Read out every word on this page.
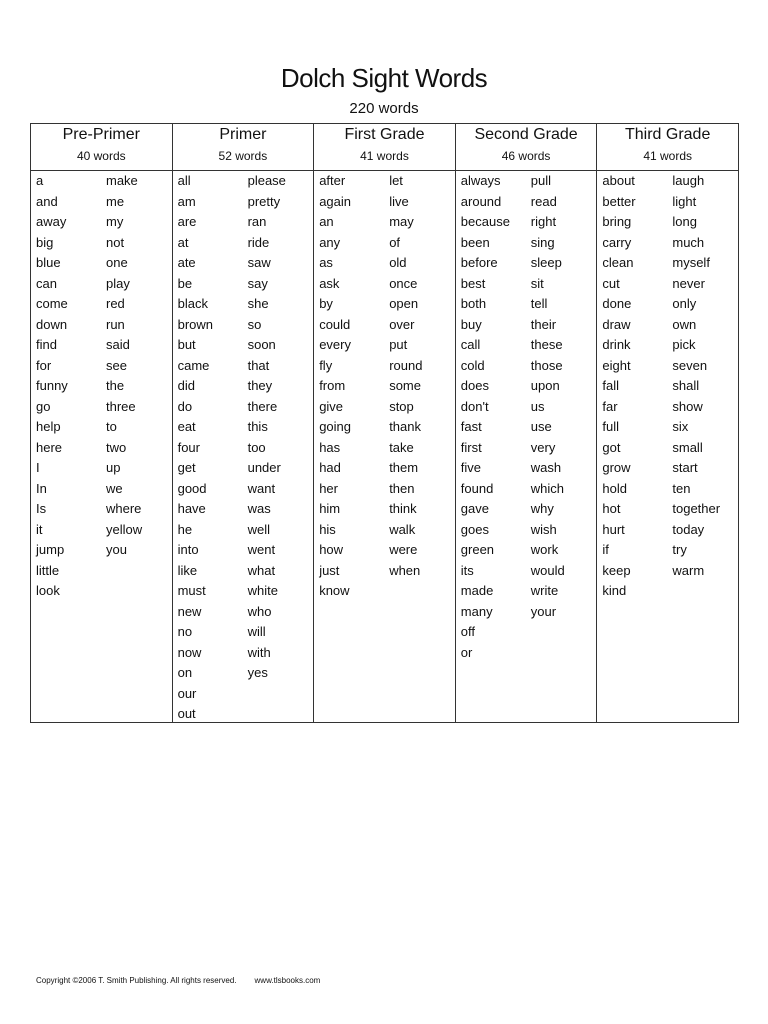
Dolch Sight Words
220 words
Pre-Primer
40 words
a
and
away
big
blue
can
come
down
find
for
funny
go
help
here
I
In
Is
it
jump
little
look
make
me
my
not
one
play
red
run
said
see
the
three
to
two
up
we
where
yellow
you
Primer
52 words
all
am
are
at
ate
be
black
brown
but
came
did
do
eat
four
get
good
have
he
into
like
must
new
no
now
on
our
out
please
pretty
ran
ride
saw
say
she
so
soon
that
they
there
this
too
under
want
was
well
went
what
white
who
will
with
yes
First Grade
41 words
after
again
an
any
as
ask
by
could
every
fly
from
give
going
has
had
her
him
his
how
just
know
let
live
may
of
old
once
open
over
put
round
some
stop
thank
take
them
then
think
walk
were
when
Second Grade
46 words
always
around
because
been
before
best
both
buy
call
cold
does
don't
fast
first
five
found
gave
goes
green
its
made
many
off
or
pull
read
right
sing
sleep
sit
tell
their
these
those
upon
us
use
very
wash
which
why
wish
work
would
write
your
Third Grade
41 words
about
better
bring
carry
clean
cut
done
draw
drink
eight
fall
far
full
got
grow
hold
hot
hurt
if
keep
kind
laugh
light
long
much
myself
never
only
own
pick
seven
shall
show
six
small
start
ten
together
today
try
warm
Copyright ©2006 T. Smith Publishing. All rights reserved. www.tlsbooks.com
